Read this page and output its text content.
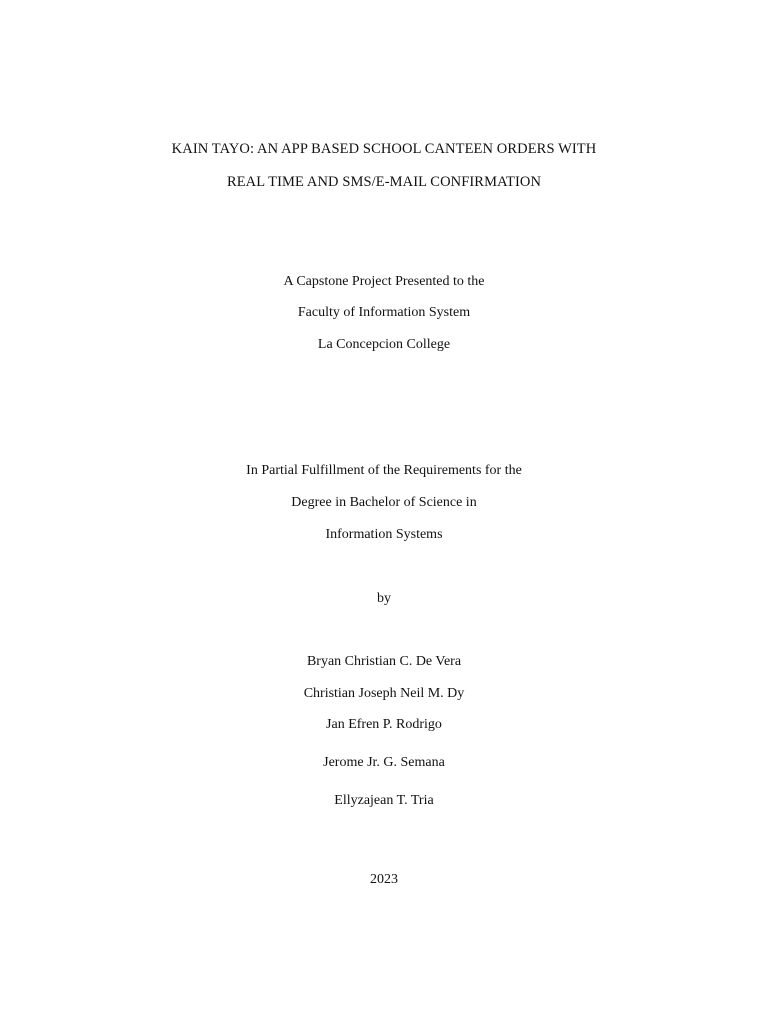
KAIN TAYO: AN APP BASED SCHOOL CANTEEN ORDERS WITH
REAL TIME AND SMS/E-MAIL CONFIRMATION
A Capstone Project Presented to the
Faculty of Information System
La Concepcion College
In Partial Fulfillment of the Requirements for the
Degree in Bachelor of Science in
Information Systems
by
Bryan Christian C. De Vera
Christian Joseph Neil M. Dy
Jan Efren P. Rodrigo
Jerome Jr. G. Semana
Ellyzajean T. Tria
2023
